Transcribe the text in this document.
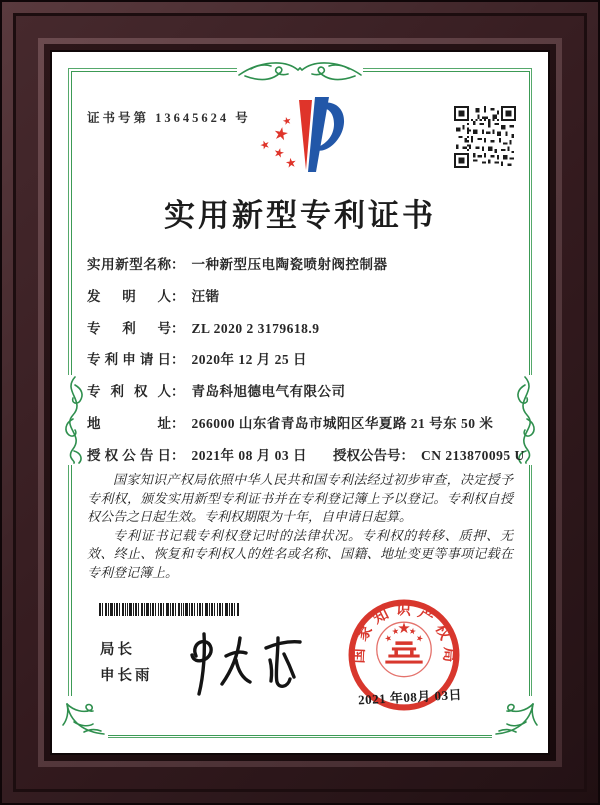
证书号第 13645624 号
实用新型专利证书
实用新型名称： 一种新型压电陶瓷喷射阀控制器
发明人： 汪锴
专利号： ZL 2020 2 3179618.9
专利申请日： 2020年 12 月 25 日
专利权人： 青岛科旭德电气有限公司
地址： 266000 山东省青岛市城阳区华夏路 21 号东 50 米
授权公告日： 2021年 08 月 03 日 授权公告号： CN 213870095 U

国家知识产权局依照中华人民共和国专利法经过初步审查，决定授予专利权，颁发实用新型专利证书并在专利登记簿上予以登记。专利权自授权公告之日起生效。专利权期限为十年，自申请日起算。

专利证书记载专利权登记时的法律状况。专利权的转移、质押、无效、终止、恢复和专利权人的姓名或名称、国籍、地址变更等事项记载在专利登记簿上。

局长
申长雨
国家知识产权局
2021 年08月 03日
